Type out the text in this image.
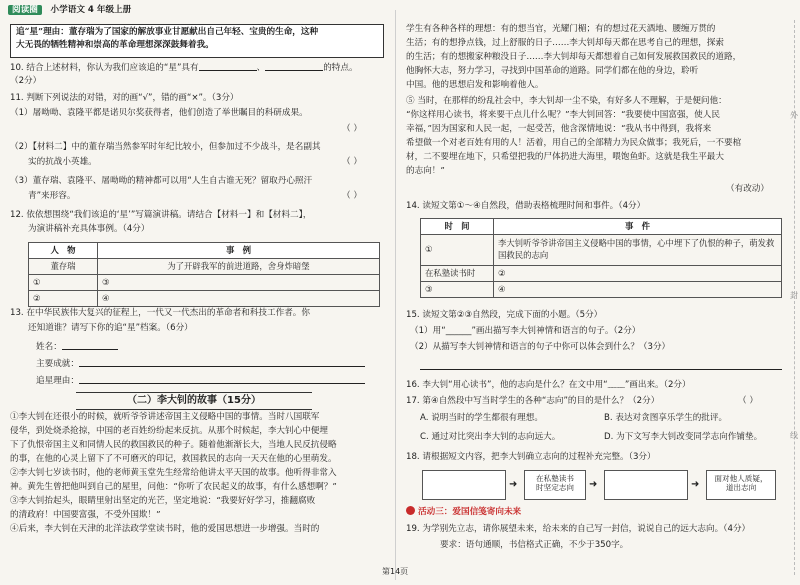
阅读圈 小学语文 4 年级上册
追“星”理由：董存瑞为了国家的解放事业甘愿献出自己年轻、宝贵的生命，这种
大无畏的牺牲精神和崇高的革命理想深深鼓舞着我。
10. 结合上述材料，你认为我们应该追的“星”具有	、	的特点。
（2分）
11. 判断下列说法的对错，对的画“√”，错的画“×”。（3分）
（1）屠呦呦、袁隆平都是诺贝尔奖获得者，他们创造了举世瞩目的科研成果。
（ ）
（2）【材料二】中的董存瑞当然参军时年纪比较小，但参加过不少战斗，是名副其
实的抗战小英雄。	（ ）
（3）董存瑞、袁隆平、屠呦呦的精神都可以用“人生自古谁无死？留取丹心照汗
青”来形容。	（ ）
12. 依依想围绕“我们该追的‘星’”写篇演讲稿。请结合【材料一】和【材料二】，
为演讲稿补充具体事例。（4分）
人　物	事　例
董存瑞	为了开辟我军的前进道路，舍身炸暗堡
①	③
②	④
13. 在中华民族伟大复兴的征程上，一代又一代杰出的革命者和科技工作者。你
还知道谁？请写下你的追“星”档案。（6分）
姓名：
主要成就：
追星理由：
（二）李大钊的故事（15分）
①李大钊在还很小的时候，就听爷爷讲述帝国主义侵略中国的事情。当时八国联军
侵华，到处烧杀抢掠，中国的老百姓纷纷起来反抗。从那个时候起，李大钊心中便埋
下了仇恨帝国主义和同情人民的救国救民的种子。随着他渐渐长大，当地人民反抗侵略
的事，在他的心灵上留下了不可磨灭的印记，救国救民的志向一天天在他的心里萌发。
②李大钊七岁读书时，他的老师黄玉堂先生经常给他讲太平天国的故事。他听得非常入
神。黄先生曾把他叫到自己的屋里，问他：“你听了农民起义的故事，有什么感想啊？”
③李大钊抬起头，眼睛里射出坚定的光芒，坚定地说：“我要好好学习，推翻腐败
的清政府！中国要富强，不受外国欺！”
④后来，李大钊在天津的北洋法政学堂读书时，他的爱国思想进一步增强。当时的
学生有各种各样的理想：有的想当官，光耀门楣；有的想过花天酒地、腰缠万贯的
生活；有的想挣点钱，过上舒服的日子……李大钊却每天都在思考自己的理想，探索
的生活；有的想搬家种粮没日子……李大钊却每天都想着自己如何发展救国救民的道路，
他胸怀大志，努力学习，寻找到中国革命的道路。同学们都在他的身边，聆听
中国。他的思想启发和影响着他人。
⑤ 当时，在那样的纷乱社会中，李大钊却一尘不染，有好多人不理解，于是便问他：
“你这样用心读书，将来要干点儿什么呢？”李大钊回答：“我要使中国富强，使人民
幸福，”因为国家和人民一起，一起受苦，他含深情地说：“我从书中得到，我将来
希望做一个对老百姓有用的人！活着，用自己的全部精力为民众做事；我死后，一不要棺
材，二不要埋在地下，只希望把我的尸体扔进大海里，喂饱鱼虾。这就是我生平最大
的志向！”
（有改动）
14. 读短文第①～④自然段，借助表格梳理时间和事件。（4分）
时　间	事　件
①	李大钊听爷爷讲帝国主义侵略中国的事情，心中埋下了仇恨的种子，萌发救国救民的志向
在私塾读书时	②
③	④
15. 读短文第②③自然段，完成下面的小题。（5分）
（1）用“______”画出描写李大钊神情和语言的句子。（2分）
（2）从描写李大钊神情和语言的句子中你可以体会到什么？（3分）
16. 李大钊“用心读书”，他的志向是什么？在文中用“﹏﹏”画出来。（2分）
17. 第④自然段中写当时学生的各种“志向”的目的是什么？（2分）	（ ）
A. 说明当时的学生都很有理想。	B. 表达对贪图享乐学生的批评。
C. 通过对比突出李大钊的志向远大。	D. 为下文写李大钊改变同学志向作铺垫。
18. 请根据短文内容，把李大钊确立志向的过程补充完整。（3分）
➜
在私塾读书
时坚定志向	➜	➜
面对他人质疑，
道出志向
活动三：爱国信笺寄向未来
19. 为学别先立志，请你展望未来，给未来的自己写一封信，说说自己的远大志向。（4分）
要求：语句通顺，书信格式正确，不少于350字。
外
封
线
第14页
